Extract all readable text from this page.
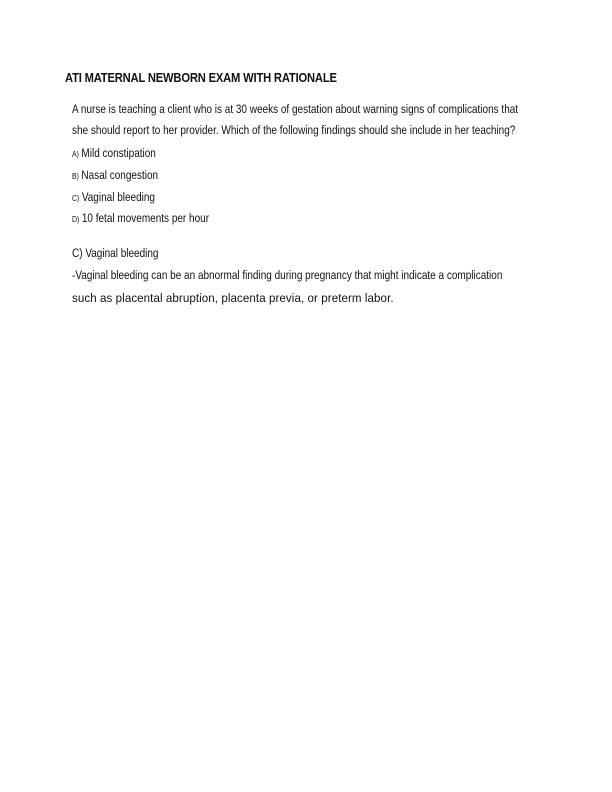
ATI MATERNAL NEWBORN EXAM WITH RATIONALE
A nurse is teaching a client who is at 30 weeks of gestation about warning signs of complications that
she should report to her provider. Which of the following findings should she include in her teaching?
A) Mild constipation
B) Nasal congestion
C) Vaginal bleeding
D) 10 fetal movements per hour
C) Vaginal bleeding
-Vaginal bleeding can be an abnormal finding during pregnancy that might indicate a complication
such as placental abruption, placenta previa, or preterm labor.
